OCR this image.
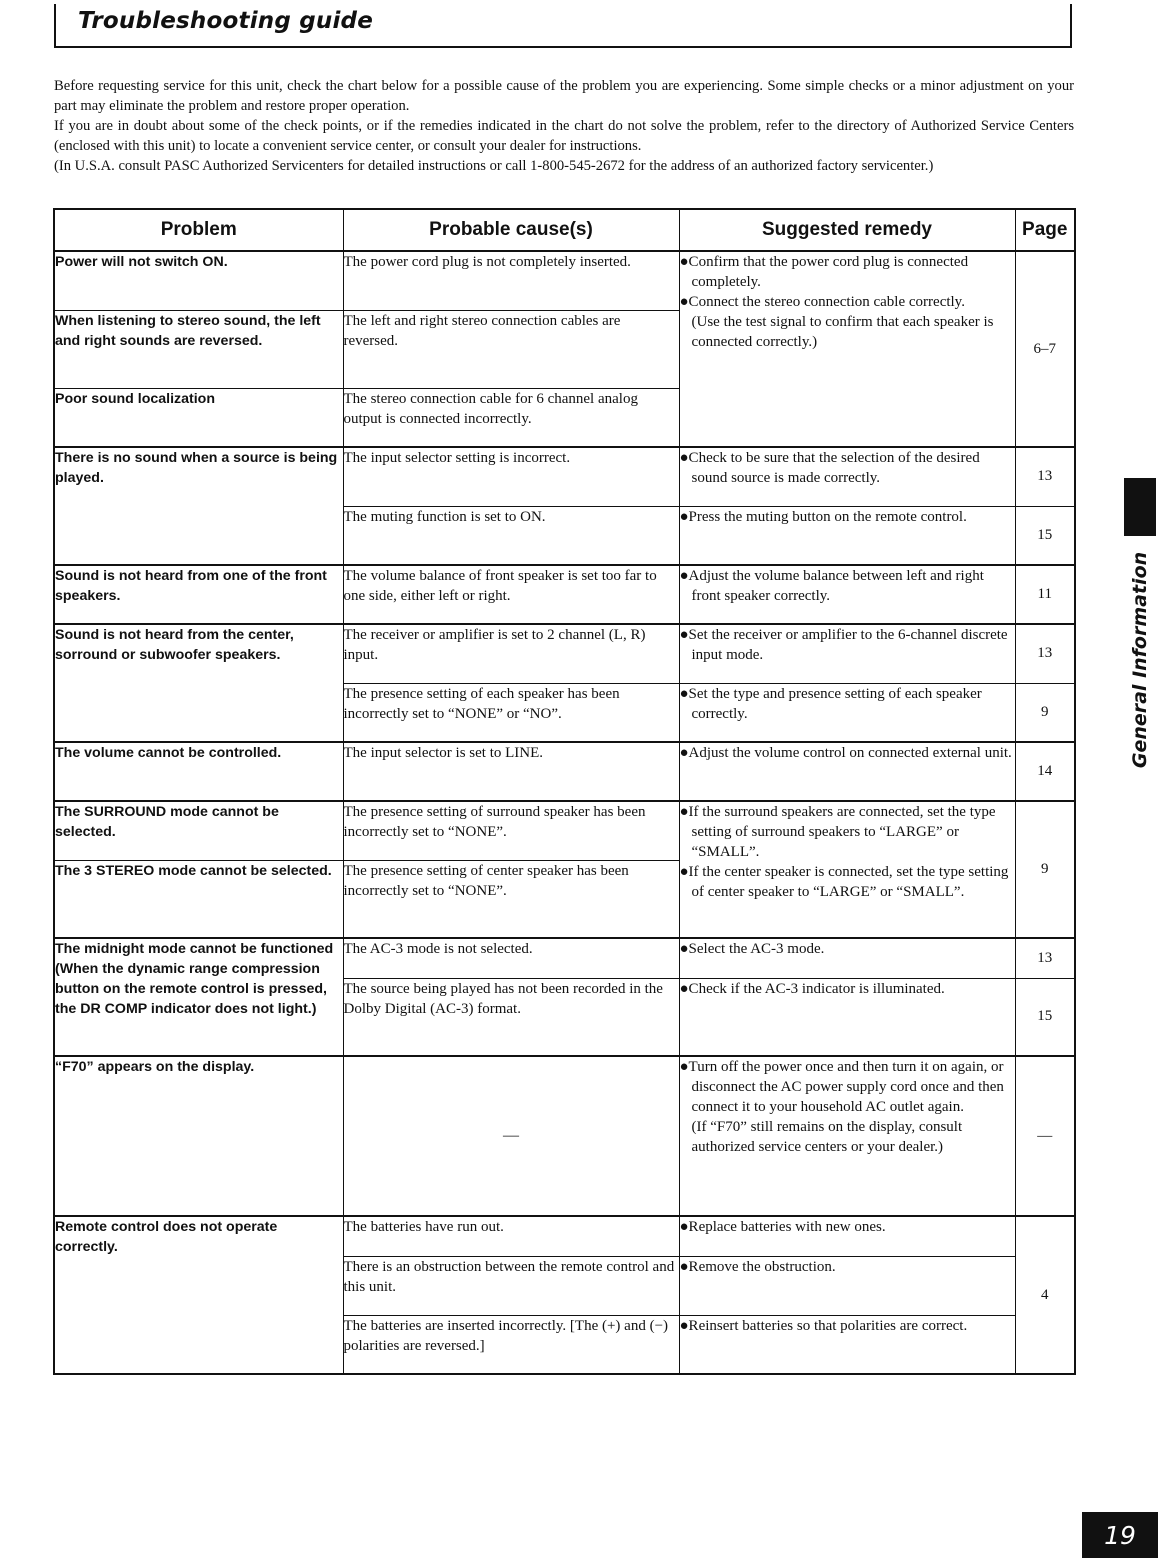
Troubleshooting guide

Before requesting service for this unit, check the chart below for a possible cause of the problem you are experiencing. Some simple checks or a minor adjustment on your part may eliminate the problem and restore proper operation.

If you are in doubt about some of the check points, or if the remedies indicated in the chart do not solve the problem, refer to the directory of Authorized Service Centers (enclosed with this unit) to locate a convenient service center, or consult your dealer for instructions.

(In U.S.A. consult PASC Authorized Servicenters for detailed instructions or call 1-800-545-2672 for the address of an authorized factory servicenter.)

Problem	Probable cause(s)	Suggested remedy	Page
Power will not switch ON.	The power cord plug is not completely inserted.	●Confirm that the power cord plug is connected completely.
●Connect the stereo connection cable correctly.
(Use the test signal to confirm that each speaker is connected correctly.)	6–7
When listening to stereo sound, the left and right sounds are reversed.	The left and right stereo connection cables are reversed.		
Poor sound localization	The stereo connection cable for 6 channel analog output is connected incorrectly.		
There is no sound when a source is being played.	The input selector setting is incorrect.	●Check to be sure that the selection of the desired sound source is made correctly.	13
	The muting function is set to ON.	●Press the muting button on the remote control.	15
Sound is not heard from one of the front speakers.	The volume balance of front speaker is set too far to one side, either left or right.	●Adjust the volume balance between left and right front speaker correctly.	11
Sound is not heard from the center, sorround or subwoofer speakers.	The receiver or amplifier is set to 2 channel (L, R) input.	●Set the receiver or amplifier to the 6-channel discrete input mode.	13
	The presence setting of each speaker has been incorrectly set to “NONE” or “NO”.	●Set the type and presence setting of each speaker correctly.	9
The volume cannot be controlled.	The input selector is set to LINE.	●Adjust the volume control on connected external unit.	14
The SURROUND mode cannot be selected.	The presence setting of surround speaker has been incorrectly set to “NONE”.	●If the surround speakers are connected, set the type setting of surround speakers to “LARGE” or “SMALL”.
●If the center speaker is connected, set the type setting of center speaker to “LARGE” or “SMALL”.	9
The 3 STEREO mode cannot be selected.	The presence setting of center speaker has been incorrectly set to “NONE”.		
The midnight mode cannot be functioned (When the dynamic range compression button on the remote control is pressed, the DR COMP indicator does not light.)	The AC-3 mode is not selected.	●Select the AC-3 mode.	13
	The source being played has not been recorded in the Dolby Digital (AC-3) format.	●Check if the AC-3 indicator is illuminated.	15
“F70” appears on the display.	—	●Turn off the power once and then turn it on again, or disconnect the AC power supply cord once and then connect it to your household AC outlet again.
(If “F70” still remains on the display, consult authorized service centers or your dealer.)	—
Remote control does not operate correctly.	The batteries have run out.	●Replace batteries with new ones.	4
	There is an obstruction between the remote control and this unit.	●Remove the obstruction.	

	The batteries are inserted incorrectly. [The (+) and (−) polarities are reversed.]	●Reinsert batteries so that polarities are correct.	
General Information
19
